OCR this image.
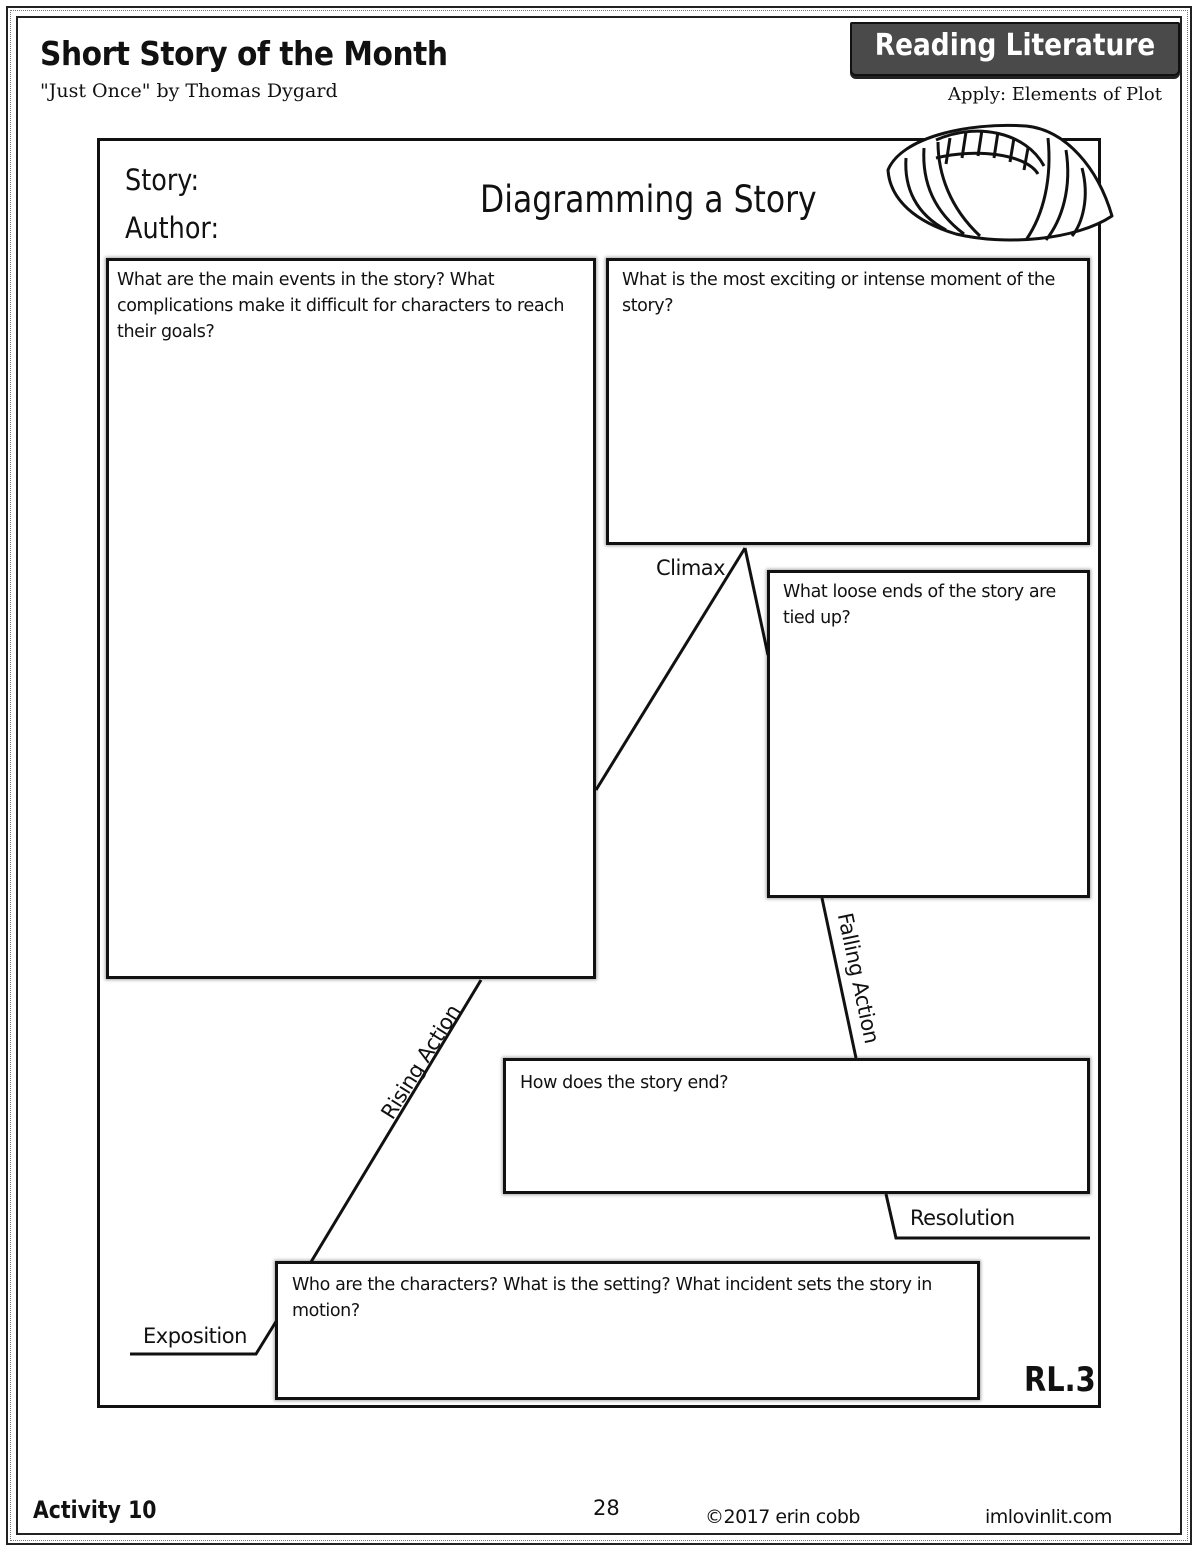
Short Story of the Month
"Just Once" by Thomas Dygard
Reading Literature
Apply: Elements of Plot
Story:
Author:
Diagramming a Story
What are the main events in the story? What complications make it difficult for characters to reach their goals?
What is the most exciting or intense moment of the story?
What loose ends of the story are tied up?
How does the story end?
Who are the characters? What is the setting? What incident sets the story in motion?
Climax
Rising Action
Falling Action
Resolution
Exposition
RL.3
Activity 10	28	©2017 erin cobb	imlovinlit.com
